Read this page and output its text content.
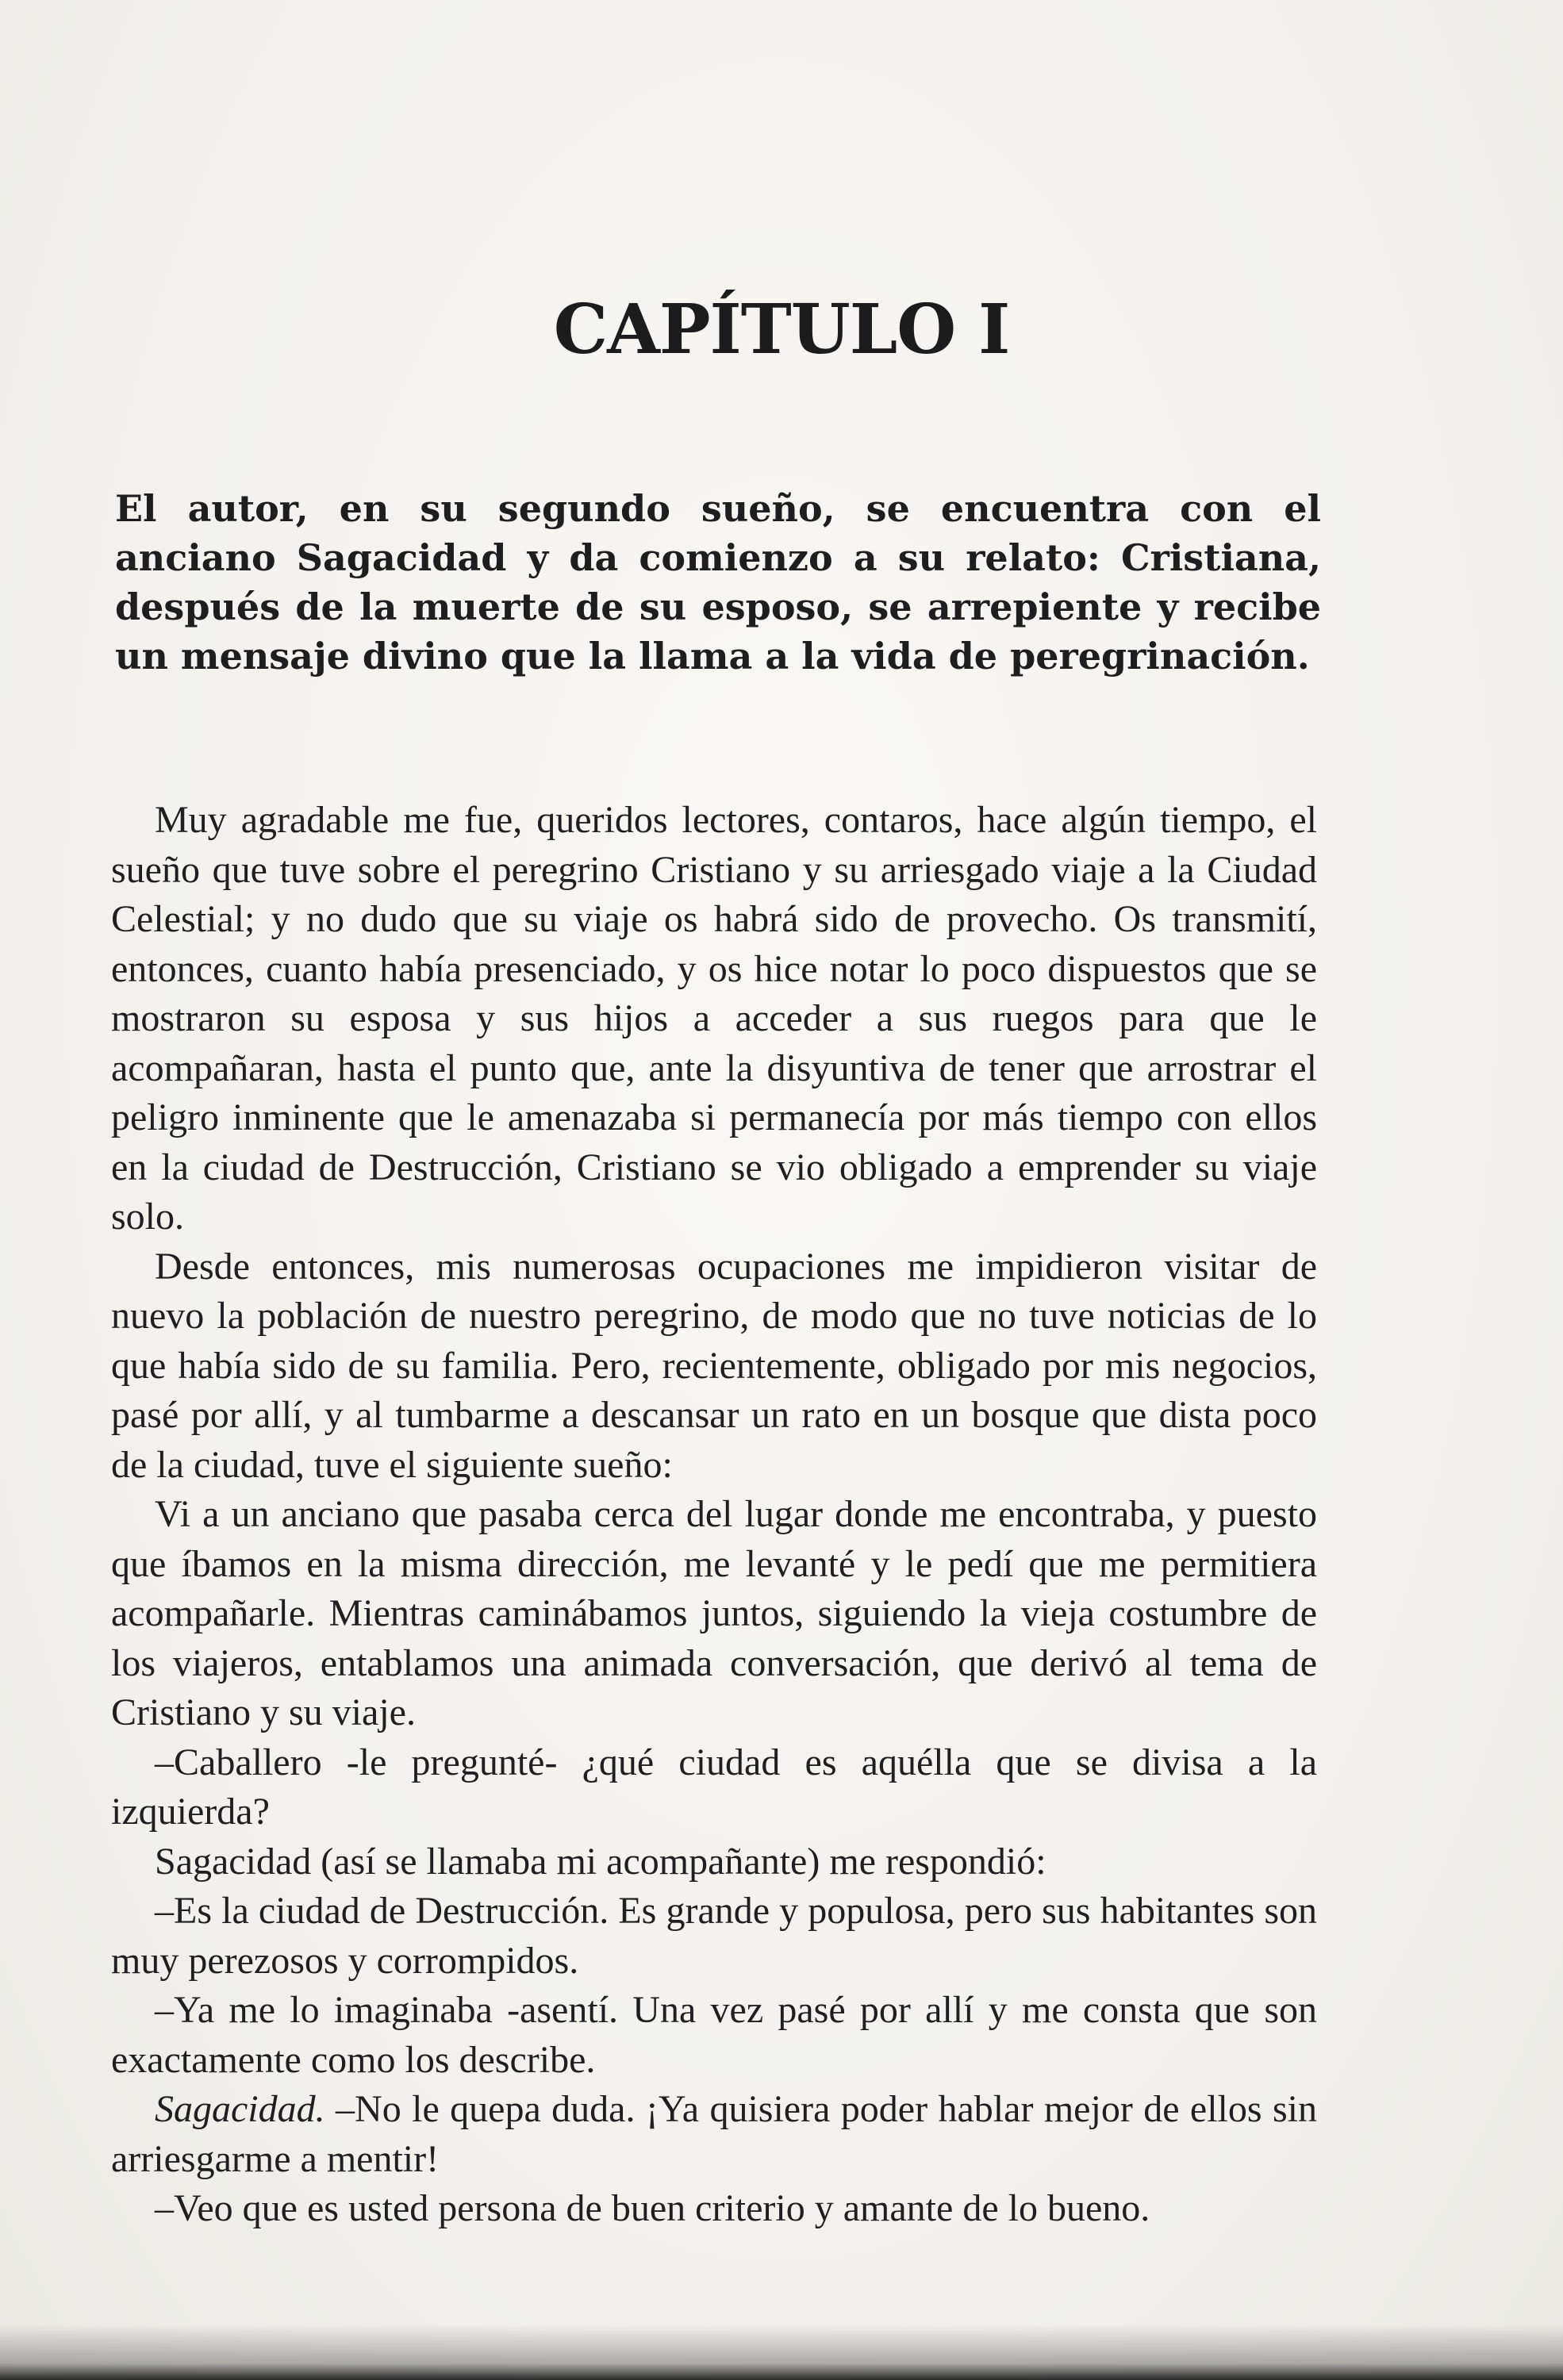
CAPÍTULO I

El autor, en su segundo sueño, se encuentra con el anciano Sagacidad y da comienzo a su relato: Cristiana, después de la muerte de su esposo, se arrepiente y recibe un mensaje divino que la llama a la vida de peregrinación.

Muy agradable me fue, queridos lectores, contaros, hace algún tiempo, el sueño que tuve sobre el peregrino Cristiano y su arriesgado viaje a la Ciudad Celestial; y no dudo que su viaje os habrá sido de provecho. Os transmití, entonces, cuanto había presenciado, y os hice notar lo poco dispuestos que se mostraron su esposa y sus hijos a acceder a sus ruegos para que le acompañaran, hasta el punto que, ante la disyuntiva de tener que arrostrar el peligro inminente que le amenazaba si permanecía por más tiempo con ellos en la ciudad de Destrucción, Cristiano se vio obligado a emprender su viaje solo.

Desde entonces, mis numerosas ocupaciones me impidieron visitar de nuevo la población de nuestro peregrino, de modo que no tuve noticias de lo que había sido de su familia. Pero, recientemente, obligado por mis negocios, pasé por allí, y al tumbarme a descansar un rato en un bosque que dista poco de la ciudad, tuve el siguiente sueño:

Vi a un anciano que pasaba cerca del lugar donde me encontraba, y puesto que íbamos en la misma dirección, me levanté y le pedí que me permitiera acompañarle. Mientras caminábamos juntos, siguiendo la vieja costumbre de los viajeros, entablamos una animada conversación, que derivó al tema de Cristiano y su viaje.

–Caballero -le pregunté- ¿qué ciudad es aquélla que se divisa a la izquierda?

Sagacidad (así se llamaba mi acompañante) me respondió:

–Es la ciudad de Destrucción. Es grande y populosa, pero sus habitantes son muy perezosos y corrompidos.

–Ya me lo imaginaba -asentí. Una vez pasé por allí y me consta que son exactamente como los describe.

Sagacidad. –No le quepa duda. ¡Ya quisiera poder hablar mejor de ellos sin arriesgarme a mentir!

–Veo que es usted persona de buen criterio y amante de lo bueno.
